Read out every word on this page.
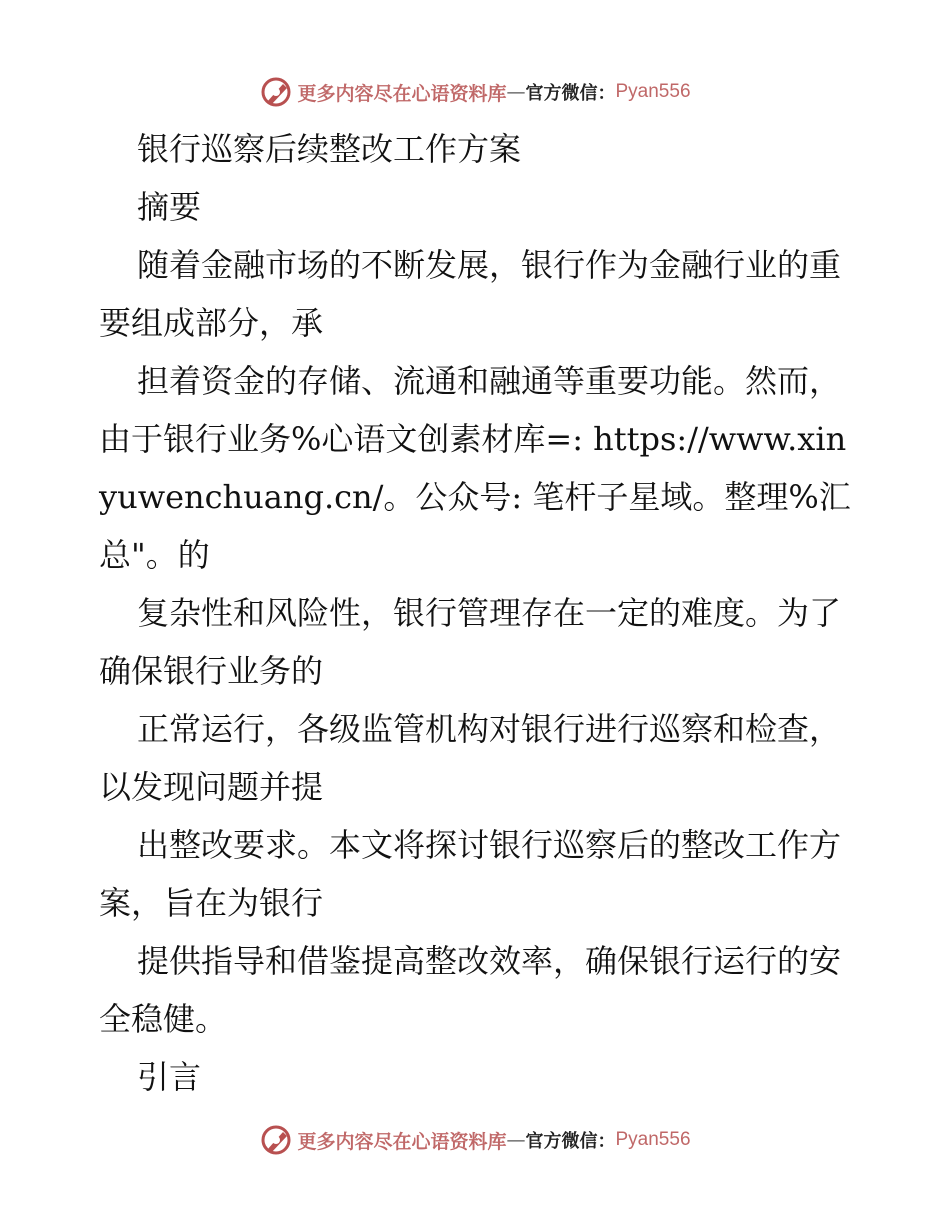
更多内容尽在心语资料库 — 官方微信： Pyan556

银行巡察后续整改工作方案

摘要

随着金融市场的不断发展，银行作为金融行业的重要组成部分，承

担着资金的存储、流通和融通等重要功能。然而，由于银行业务%心语文创素材库=: https://www.xinyuwenchuang.cn/。公众号: 笔杆子星域。整理%汇总"。的

复杂性和风险性，银行管理存在一定的难度。为了确保银行业务的

正常运行，各级监管机构对银行进行巡察和检查，以发现问题并提

出整改要求。本文将探讨银行巡察后的整改工作方案，旨在为银行

提供指导和借鉴提高整改效率，确保银行运行的安全稳健。

引言

更多内容尽在心语资料库 — 官方微信： Pyan556
